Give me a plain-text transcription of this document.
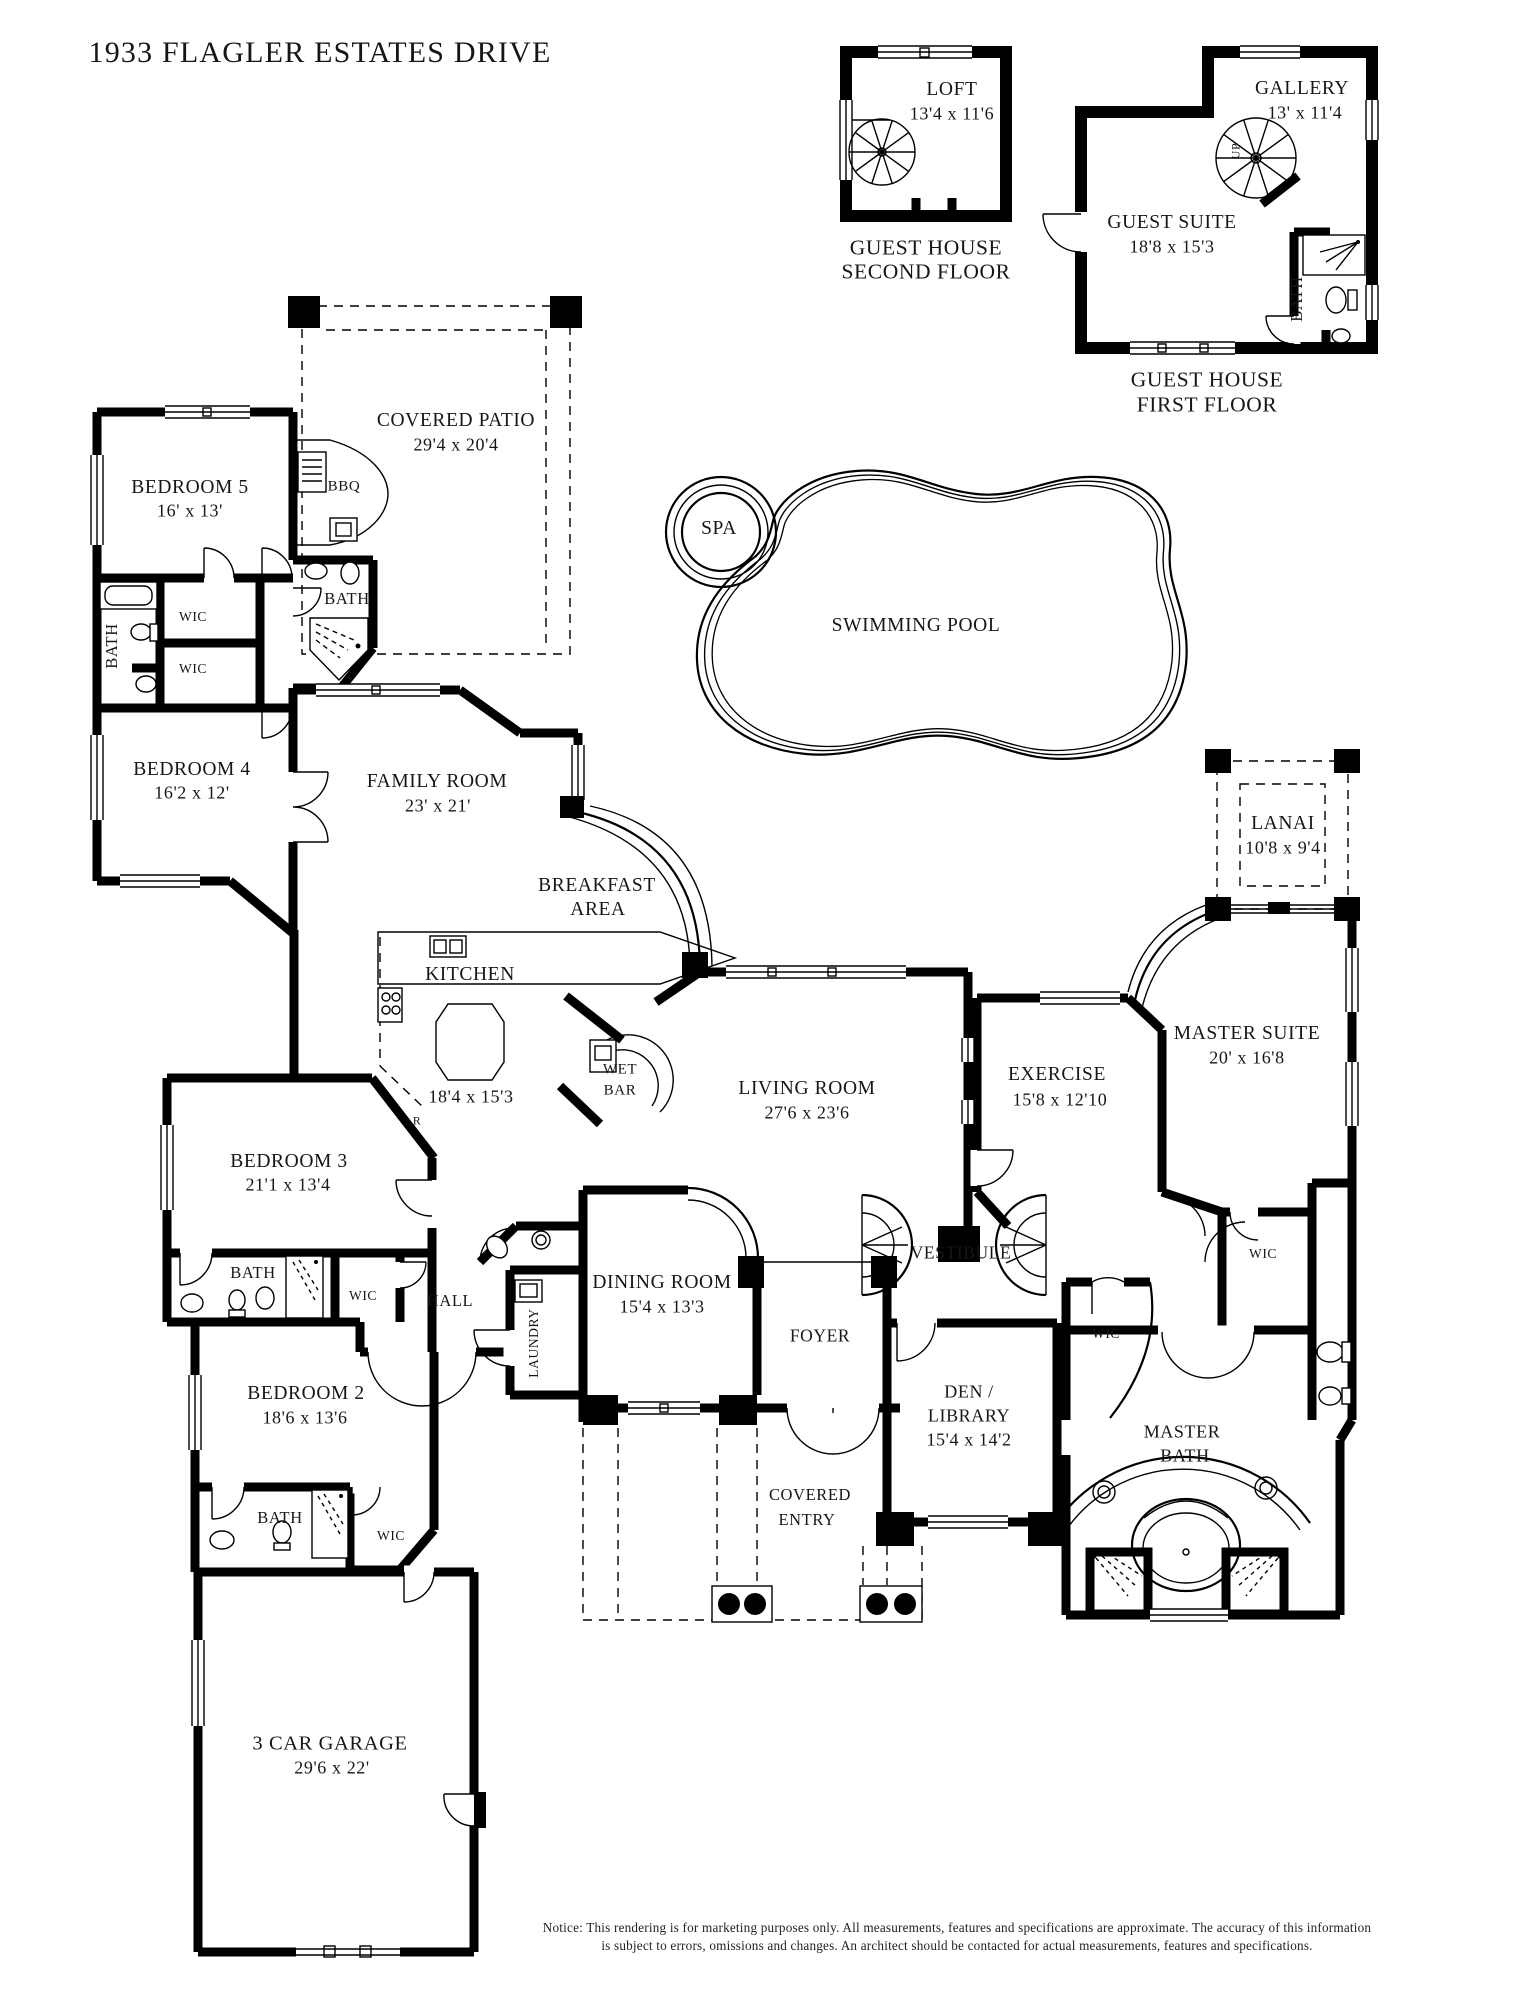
1933 FLAGLER ESTATES DRIVE
LOFT
13'4 x 11'6
GUEST HOUSE
SECOND FLOOR
GALLERY
13' x 11'4
GUEST SUITE
18'8 x 15'3
BATH
UP
GUEST HOUSE
FIRST FLOOR
COVERED PATIO
29'4 x 20'4
BBQ
BEDROOM 5
16' x 13'
BATH
WIC
WIC
BATH
BEDROOM 4
16'2 x 12'
FAMILY ROOM
23' x 21'
SPA
SWIMMING POOL
BREAKFAST
AREA
KITCHEN
18'4 x 15'3
WET
BAR
R
LANAI
10'8 x 9'4
MASTER SUITE
20' x 16'8
LIVING ROOM
27'6 x 23'6
EXERCISE
15'8 x 12'10
VESTIBULE
BEDROOM 3
21'1 x 13'4
BATH
WIC	HALL
DINING ROOM
15'4 x 13'3
LAUNDRY	FOYER
BEDROOM 2
18'6 x 13'6
BATH
WIC
DEN /
LIBRARY
15'4 x 14'2
WIC
WIC
MASTER
BATH
COVERED
ENTRY
3 CAR GARAGE
29'6 x 22'
Notice: This rendering is for marketing purposes only. All measurements, features and specifications are approximate. The accuracy of this information
is subject to errors, omissions and changes. An architect should be contacted for actual measurements, features and specifications.
